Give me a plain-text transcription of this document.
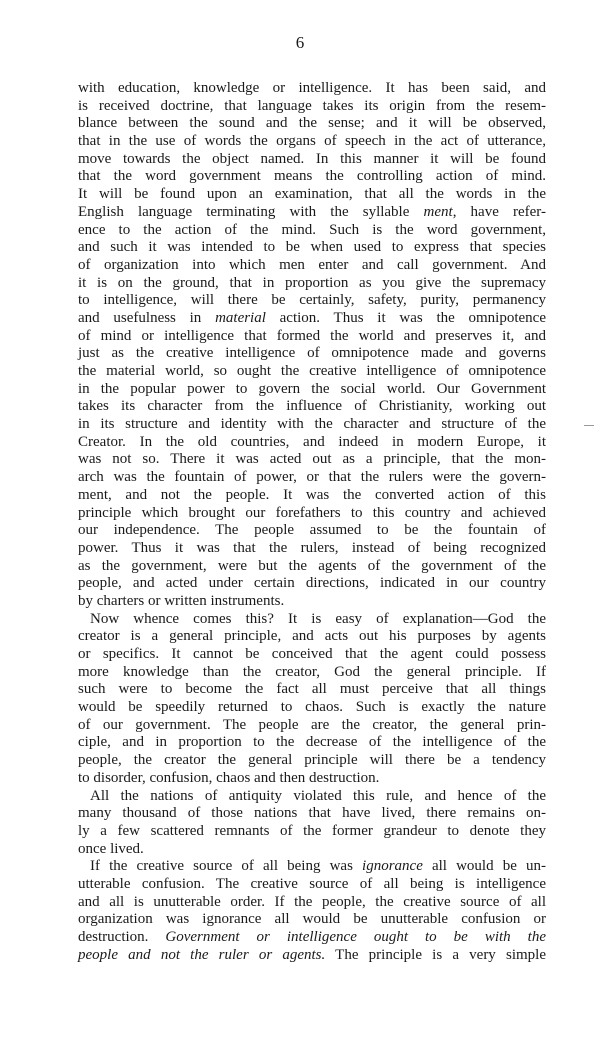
6
with education, knowledge or intelligence. It has been said, and
is received doctrine, that language takes its origin from the resem-
blance between the sound and the sense; and it will be observed,
that in the use of words the organs of speech in the act of utterance,
move towards the object named. In this manner it will be found
that the word government means the controlling action of mind.
It will be found upon an examination, that all the words in the
English language terminating with the syllable ment, have refer-
ence to the action of the mind. Such is the word government,
and such it was intended to be when used to express that species
of organization into which men enter and call government. And
it is on the ground, that in proportion as you give the supremacy
to intelligence, will there be certainly, safety, purity, permanency
and usefulness in material action. Thus it was the omnipotence
of mind or intelligence that formed the world and preserves it, and
just as the creative intelligence of omnipotence made and governs
the material world, so ought the creative intelligence of omnipotence
in the popular power to govern the social world. Our Government
takes its character from the influence of Christianity, working out
in its structure and identity with the character and structure of the
Creator. In the old countries, and indeed in modern Europe, it
was not so. There it was acted out as a principle, that the mon-
arch was the fountain of power, or that the rulers were the govern-
ment, and not the people. It was the converted action of this
principle which brought our forefathers to this country and achieved
our independence. The people assumed to be the fountain of
power. Thus it was that the rulers, instead of being recognized
as the government, were but the agents of the government of the
people, and acted under certain directions, indicated in our country
by charters or written instruments.
Now whence comes this? It is easy of explanation—God the
creator is a general principle, and acts out his purposes by agents
or specifics. It cannot be conceived that the agent could possess
more knowledge than the creator, God the general principle. If
such were to become the fact all must perceive that all things
would be speedily returned to chaos. Such is exactly the nature
of our government. The people are the creator, the general prin-
ciple, and in proportion to the decrease of the intelligence of the
people, the creator the general principle will there be a tendency
to disorder, confusion, chaos and then destruction.
All the nations of antiquity violated this rule, and hence of the
many thousand of those nations that have lived, there remains on-
ly a few scattered remnants of the former grandeur to denote they
once lived.
If the creative source of all being was ignorance all would be un-
utterable confusion. The creative source of all being is intelligence
and all is unutterable order. If the people, the creative source of all
organization was ignorance all would be unutterable confusion or
destruction. Government or intelligence ought to be with the
people and not the ruler or agents. The principle is a very simple
